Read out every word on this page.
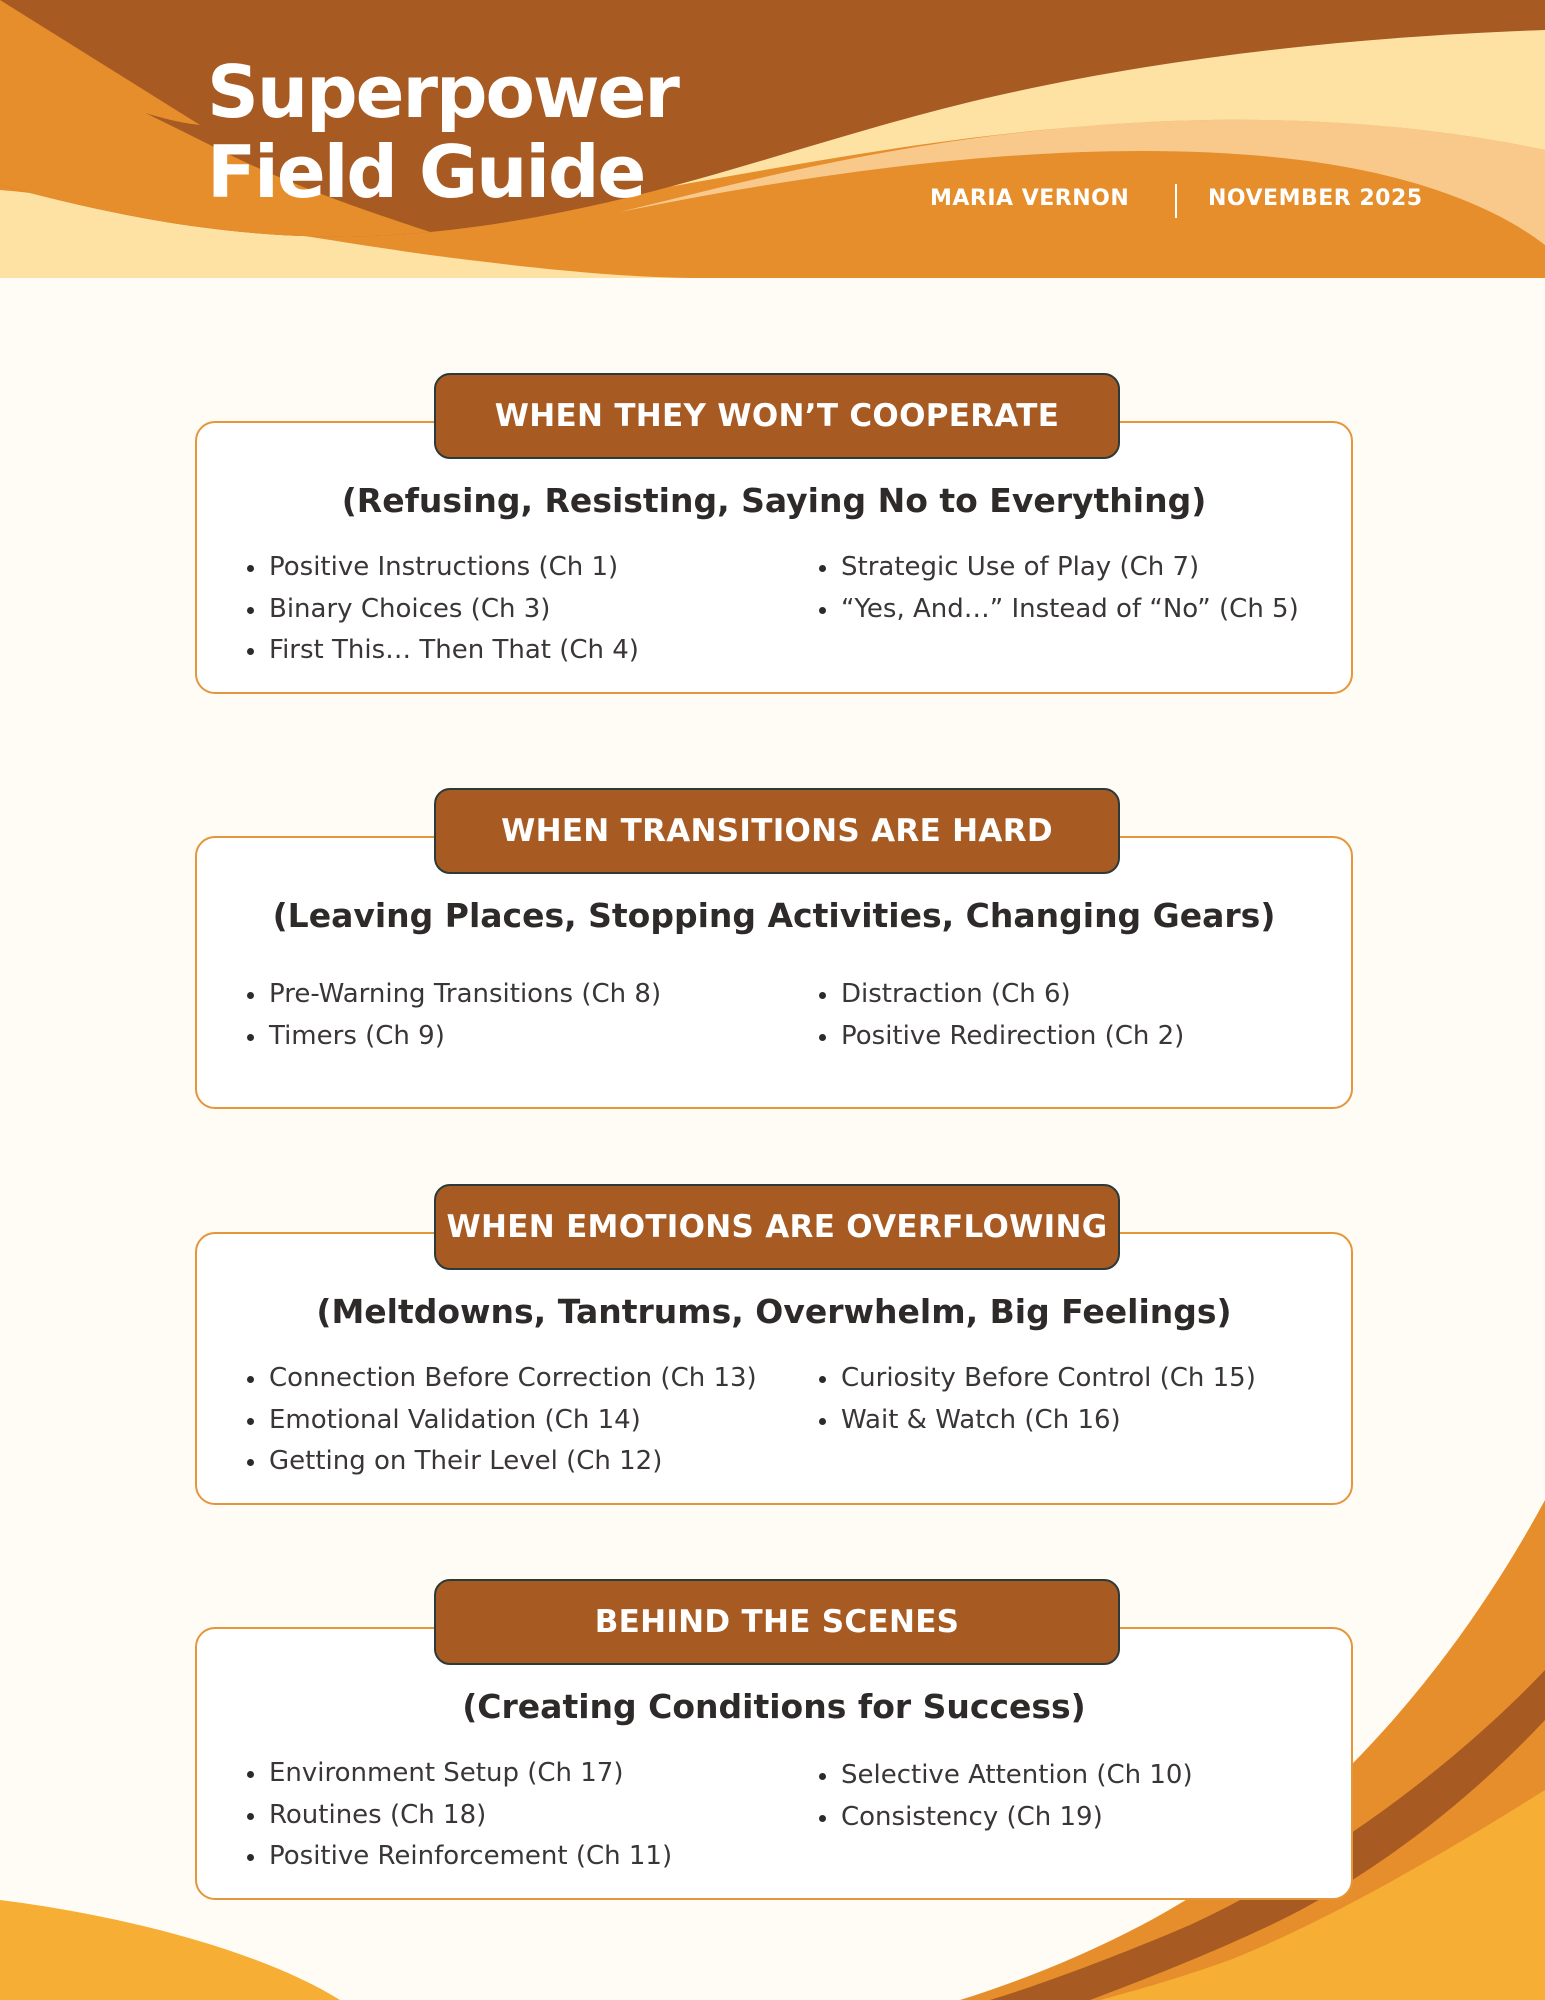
Superpower
Field Guide	MARIA VERNON	NOVEMBER 2025
WHEN THEY WON’T COOPERATE
(Refusing, Resisting, Saying No to Everything)
Positive Instructions (Ch 1)
Binary Choices (Ch 3)
First This… Then That (Ch 4)
Strategic Use of Play (Ch 7)
“Yes, And…” Instead of “No” (Ch 5)
WHEN TRANSITIONS ARE HARD
(Leaving Places, Stopping Activities, Changing Gears)
Pre-Warning Transitions (Ch 8)
Timers (Ch 9)
Distraction (Ch 6)
Positive Redirection (Ch 2)
WHEN EMOTIONS ARE OVERFLOWING
(Meltdowns, Tantrums, Overwhelm, Big Feelings)
Connection Before Correction (Ch 13)
Emotional Validation (Ch 14)
Getting on Their Level (Ch 12)
Curiosity Before Control (Ch 15)
Wait & Watch (Ch 16)
BEHIND THE SCENES
(Creating Conditions for Success)
Environment Setup (Ch 17)
Routines (Ch 18)
Positive Reinforcement (Ch 11)
Selective Attention (Ch 10)
Consistency (Ch 19)
